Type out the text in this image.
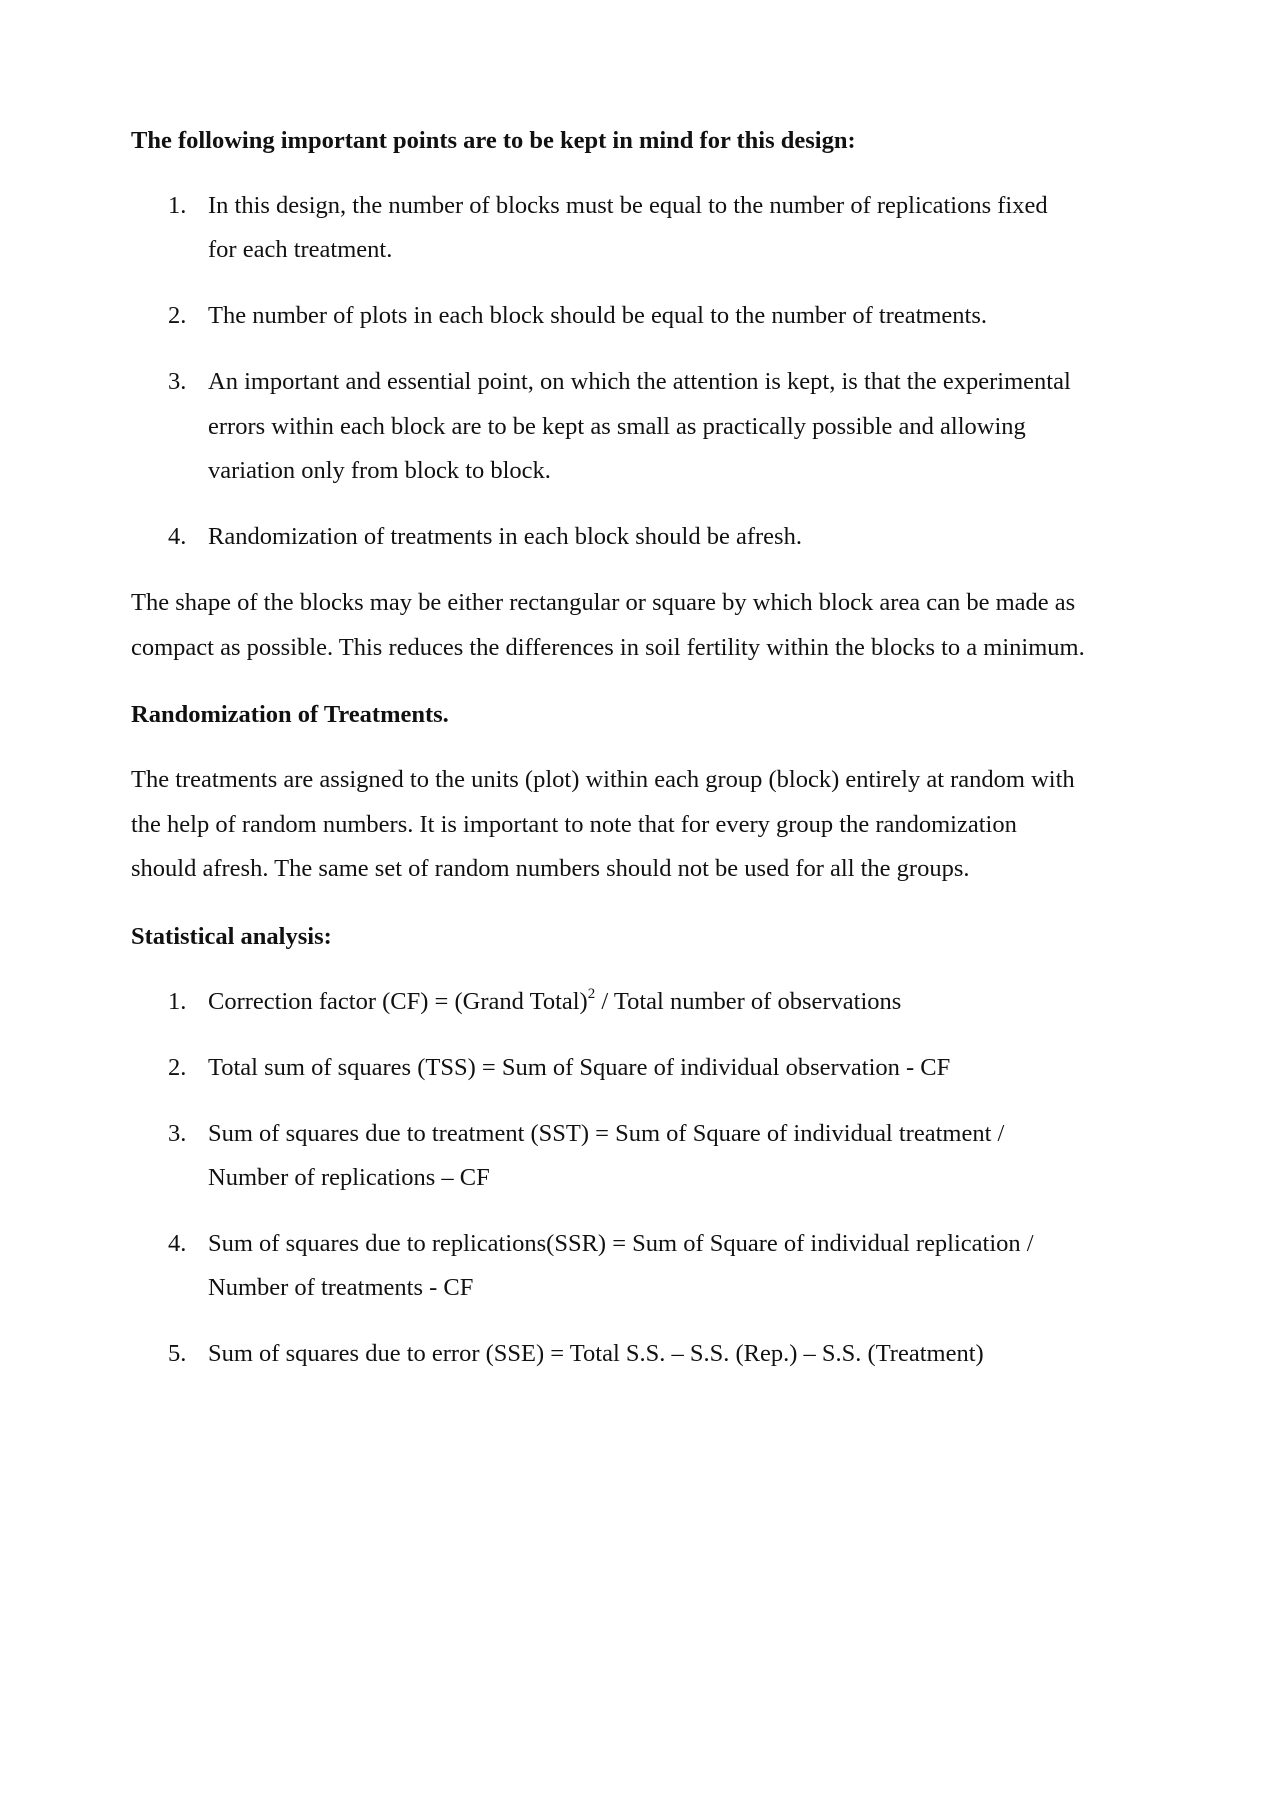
The following important points are to be kept in mind for this design:
1. In this design, the number of blocks must be equal to the number of replications fixed
for each treatment.
2. The number of plots in each block should be equal to the number of treatments.
3. An important and essential point, on which the attention is kept, is that the experimental
errors within each block are to be kept as small as practically possible and allowing
variation only from block to block.
4. Randomization of treatments in each block should be afresh.
The shape of the blocks may be either rectangular or square by which block area can be made as
compact as possible. This reduces the differences in soil fertility within the blocks to a minimum.
Randomization of Treatments.
The treatments are assigned to the units (plot) within each group (block) entirely at random with
the help of random numbers. It is important to note that for every group the randomization
should afresh. The same set of random numbers should not be used for all the groups.
Statistical analysis:
1. Correction factor (CF) = (Grand Total)$^2$ / Total number of observations
2. Total sum of squares (TSS) = Sum of Square of individual observation - CF
3. Sum of squares due to treatment (SST) = Sum of Square of individual treatment /
Number of replications – CF
4. Sum of squares due to replications(SSR) = Sum of Square of individual replication /
Number of treatments - CF
5. Sum of squares due to error (SSE) = Total S.S. – S.S. (Rep.) – S.S. (Treatment)
